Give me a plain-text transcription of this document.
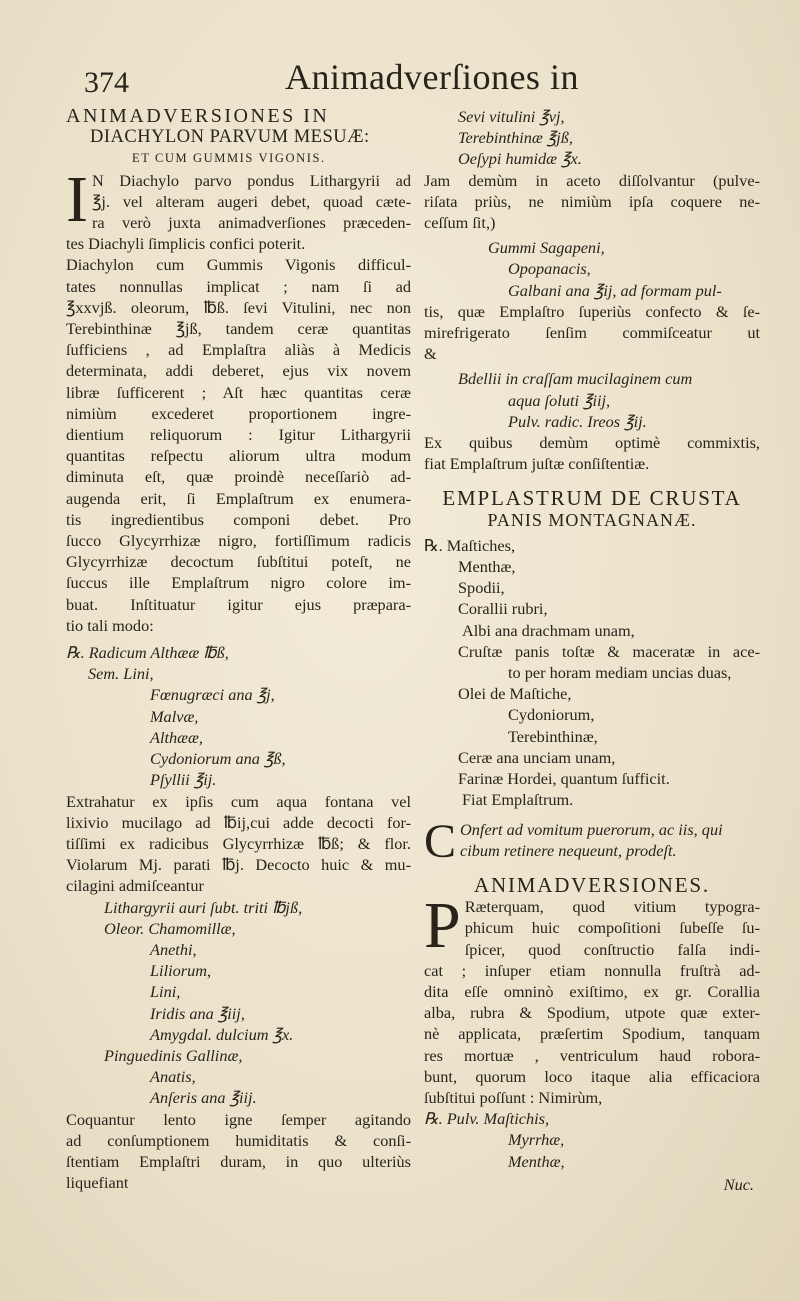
374	Animadverſiones in
ANIMADVERSIONES IN
DIACHYLON PARVUM MESUÆ:
ET CUM GUMMIS VIGONIS.
I N Diachylo parvo pondus Lithargyrii ad
℥j. vel alteram augeri debet, quoad cæte-
ra verò juxta animadverſiones præceden-
tes Diachyli ſimplicis confici poterit.
Diachylon cum Gummis Vigonis difficul-
tates nonnullas implicat ; nam ſi ad
℥xxvjß. oleorum, ℔ß. ſevi Vitulini, nec non
Terebinthinæ ℥jß, tandem ceræ quantitas
ſufficiens , ad Emplaſtra aliàs à Medicis
determinata, addi deberet, ejus vix novem
libræ ſufficerent ; Aſt hæc quantitas ceræ
nimiùm excederet proportionem ingre-
dientium reliquorum : Igitur Lithargyrii
quantitas reſpectu aliorum ultra modum
diminuta eſt, quæ proindè neceſſariò ad-
augenda erit, ſi Emplaſtrum ex enumera-
tis ingredientibus componi debet. Pro
ſucco Glycyrrhizæ nigro, fortiſſimum radicis
Glycyrrhizæ decoctum ſubſtitui poteſt, ne
ſuccus ille Emplaſtrum nigro colore im-
buat. Inſtituatur igitur ejus præpara-
tio tali modo:
℞. Radicum Althææ ℔ß,
Sem. Lini,
Fœnugræci ana ℥j,
Malvæ,
Althææ,
Cydoniorum ana ℥ß,
Pſyllii ℥ij.
Extrahatur ex ipſis cum aqua fontana vel
lixivio mucilago ad ℔ij,cui adde decocti for-
tiſſimi ex radicibus Glycyrrhizæ ℔ß; & flor.
Violarum Mj. parati ℔j. Decocto huic & mu-
cilagini admiſceantur
Lithargyrii auri ſubt. triti ℔jß,
Oleor. Chamomillæ,
Anethi,
Liliorum,
Lini,
Iridis ana ℥iij,
Amygdal. dulcium ℥x.
Pinguedinis Gallinæ,
Anatis,
Anſeris ana ℥iij.
Coquantur lento igne ſemper agitando
ad conſumptionem humiditatis & conſi-
ſtentiam Emplaſtri duram, in quo ulteriùs
liquefiant
Sevi vitulini ℥vj,
Terebinthinæ ℥jß,
Oeſypi humidæ ℥x.
Jam demùm in aceto diſſolvantur (pulve-
riſata priùs, ne nimiùm ipſa coquere ne-
ceſſum ſit,)
Gummi Sagapeni,
Opopanacis,
Galbani ana ℥ij, ad formam pul-
tis, quæ Emplaſtro ſuperiùs confecto & ſe-
mirefrigerato ſenſim commiſceatur ut
&
Bdellii in craſſam mucilaginem cum
aqua ſoluti ℥iij,
Pulv. radic. Ireos ℥ij.
Ex quibus demùm optimè commixtis,
fiat Emplaſtrum juſtæ conſiſtentiæ.
EMPLASTRUM DE CRUSTA
PANIS MONTAGNANÆ.
℞. Maſtiches,
Menthæ,
Spodii,
Corallii rubri,
Albi ana drachmam unam,
Cruſtæ panis toſtæ & maceratæ in ace-
to per horam mediam uncias duas,
Olei de Maſtiche,
Cydoniorum,
Terebinthinæ,
Ceræ ana unciam unam,
Farinæ Hordei, quantum ſufficit.
Fiat Emplaſtrum.
C Onfert ad vomitum puerorum, ac iis, qui
cibum retinere nequeunt, prodeſt.
ANIMADVERSIONES.
P Ræterquam, quod vitium typogra-
phicum huic compoſitioni ſubeſſe ſu-
ſpicer, quod conſtructio falſa indi-
cat ; inſuper etiam nonnulla fruſtrà ad-
dita eſſe omninò exiſtimo, ex gr. Corallia
alba, rubra & Spodium, utpote quæ exter-
nè applicata, præſertim Spodium, tanquam
res mortuæ , ventriculum haud robora-
bunt, quorum loco itaque alia efficaciora
ſubſtitui poſſunt : Nimirùm,
℞. Pulv. Maſtichis,
Myrrhæ,
Menthæ,
Nuc.
